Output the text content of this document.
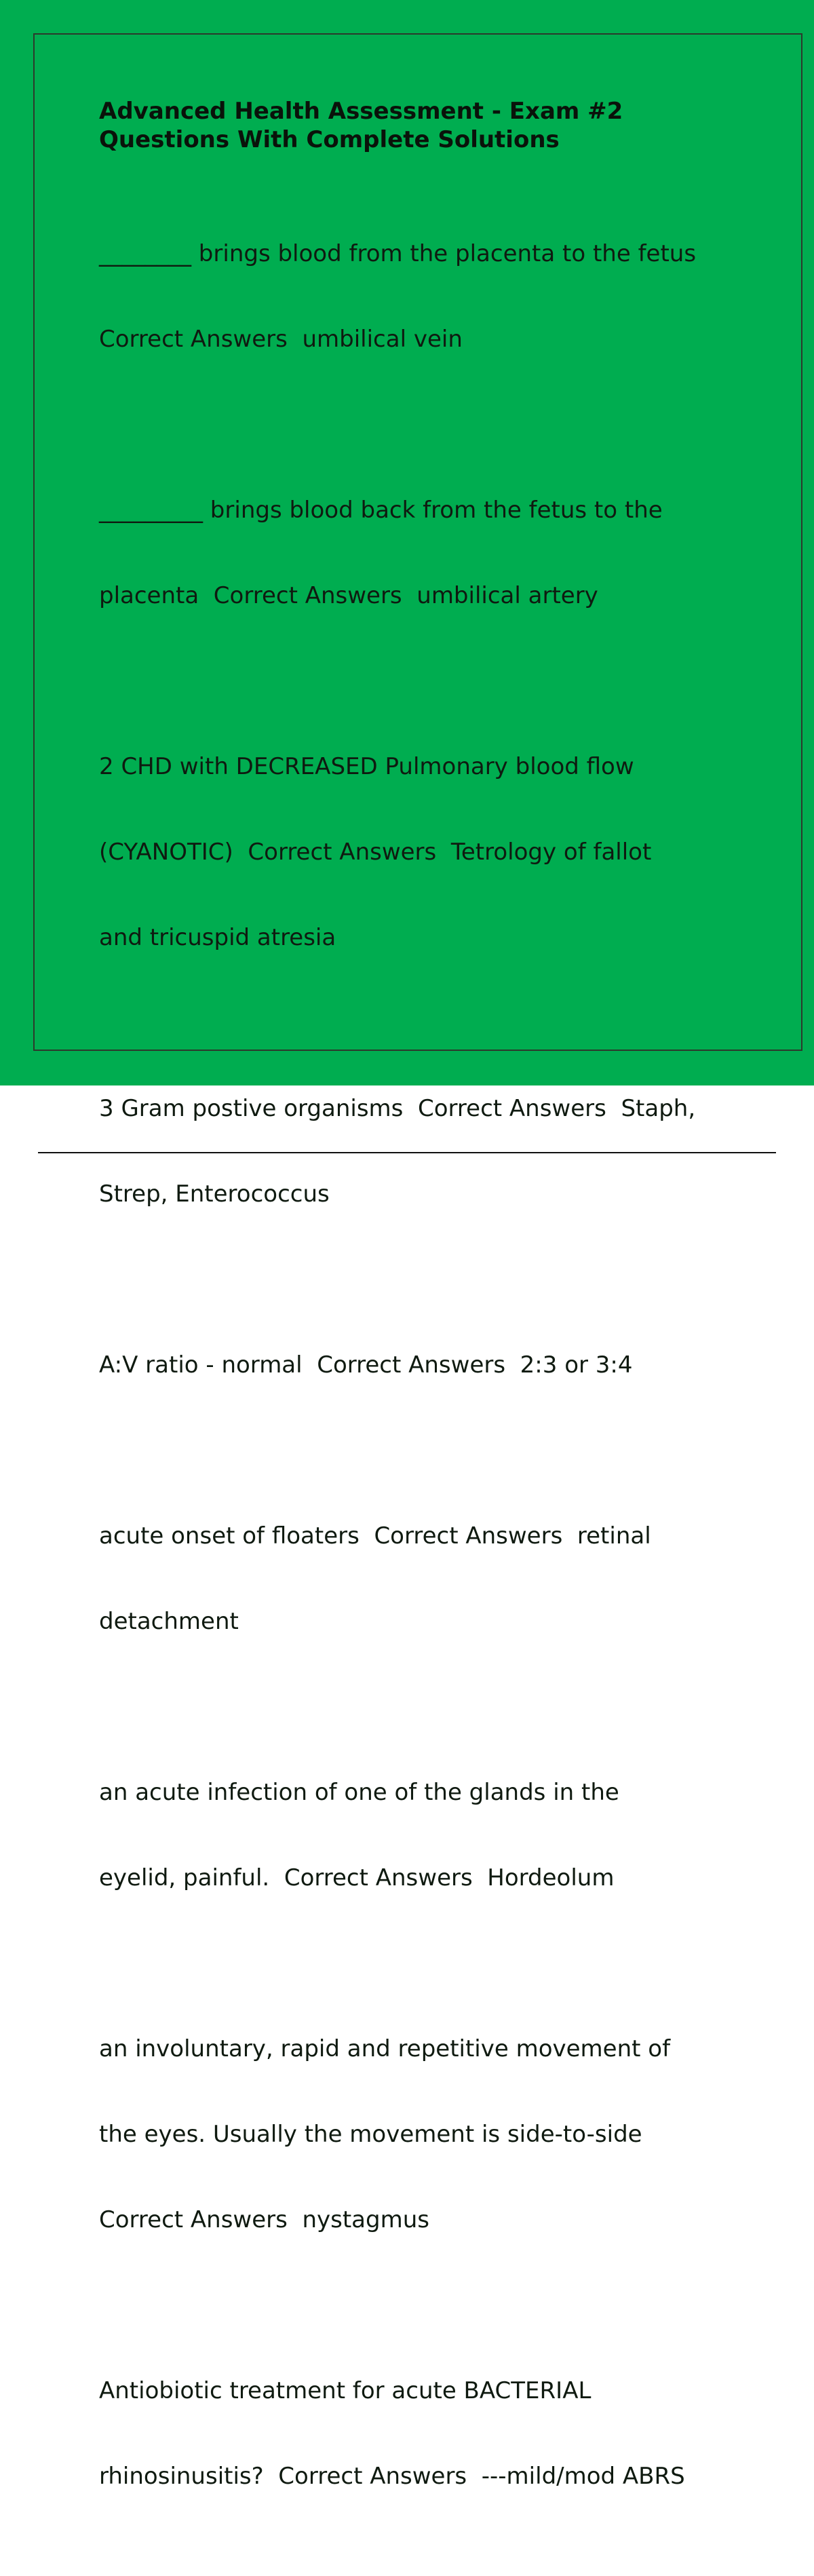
Advanced Health Assessment - Exam #2
Questions With Complete Solutions

________ brings blood from the placenta to the fetus

Correct Answers  umbilical vein

_________ brings blood back from the fetus to the

placenta  Correct Answers  umbilical artery

2 CHD with DECREASED Pulmonary blood flow

(CYANOTIC)  Correct Answers  Tetrology of fallot

and tricuspid atresia

3 Gram postive organisms  Correct Answers  Staph,

Strep, Enterococcus

A:V ratio - normal  Correct Answers  2:3 or 3:4

acute onset of floaters  Correct Answers  retinal

detachment

an acute infection of one of the glands in the

eyelid, painful.  Correct Answers  Hordeolum

an involuntary, rapid and repetitive movement of

the eyes. Usually the movement is side-to-side

Correct Answers  nystagmus

Antiobiotic treatment for acute BACTERIAL

rhinosinusitis?  Correct Answers  ---mild/mod ABRS
